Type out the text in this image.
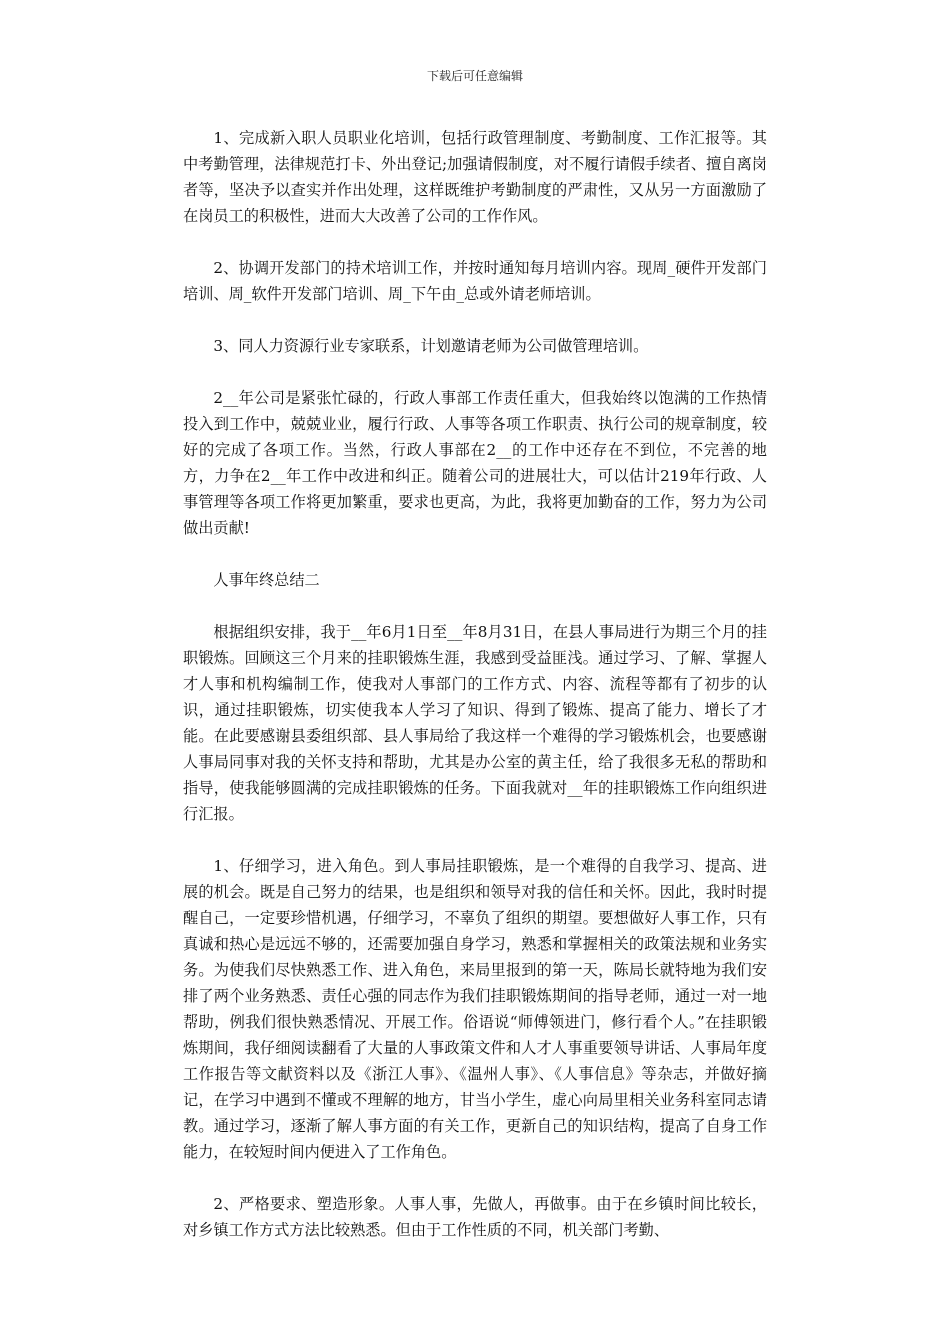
下载后可任意编辑

1、完成新入职人员职业化培训，包括行政管理制度、考勤制度、工作汇报等。其中考勤管理，法律规范打卡、外出登记;加强请假制度，对不履行请假手续者、擅自离岗者等，坚决予以查实并作出处理，这样既维护考勤制度的严肃性，又从另一方面激励了在岗员工的积极性，进而大大改善了公司的工作作风。

2、协调开发部门的持术培训工作，并按时通知每月培训内容。现周_硬件开发部门培训、周_软件开发部门培训、周_下午由_总或外请老师培训。

3、同人力资源行业专家联系，计划邀请老师为公司做管理培训。

2__年公司是紧张忙碌的，行政人事部工作责任重大，但我始终以饱满的工作热情投入到工作中，兢兢业业，履行行政、人事等各项工作职责、执行公司的规章制度，较好的完成了各项工作。当然，行政人事部在2__的工作中还存在不到位，不完善的地方，力争在2__年工作中改进和纠正。随着公司的进展壮大，可以估计219年行政、人事管理等各项工作将更加繁重，要求也更高，为此，我将更加勤奋的工作，努力为公司做出贡献!

人事年终总结二

根据组织安排，我于__年6月1日至__年8月31日，在县人事局进行为期三个月的挂职锻炼。回顾这三个月来的挂职锻炼生涯，我感到受益匪浅。通过学习、了解、掌握人才人事和机构编制工作，使我对人事部门的工作方式、内容、流程等都有了初步的认识，通过挂职锻炼，切实使我本人学习了知识、得到了锻炼、提高了能力、增长了才能。在此要感谢县委组织部、县人事局给了我这样一个难得的学习锻炼机会，也要感谢人事局同事对我的关怀支持和帮助，尤其是办公室的黄主任，给了我很多无私的帮助和指导，使我能够圆满的完成挂职锻炼的任务。下面我就对__年的挂职锻炼工作向组织进行汇报。

1、仔细学习，进入角色。到人事局挂职锻炼，是一个难得的自我学习、提高、进展的机会。既是自己努力的结果，也是组织和领导对我的信任和关怀。因此，我时时提醒自己，一定要珍惜机遇，仔细学习，不辜负了组织的期望。要想做好人事工作，只有真诚和热心是远远不够的，还需要加强自身学习，熟悉和掌握相关的政策法规和业务实务。为使我们尽快熟悉工作、进入角色，来局里报到的第一天，陈局长就特地为我们安排了两个业务熟悉、责任心强的同志作为我们挂职锻炼期间的指导老师，通过一对一地帮助，例我们很快熟悉情况、开展工作。俗语说“师傅领进门，修行看个人。”在挂职锻炼期间，我仔细阅读翻看了大量的人事政策文件和人才人事重要领导讲话、人事局年度工作报告等文献资料以及《浙江人事》、《温州人事》、《人事信息》等杂志，并做好摘记，在学习中遇到不懂或不理解的地方，甘当小学生，虚心向局里相关业务科室同志请教。通过学习，逐渐了解人事方面的有关工作，更新自己的知识结构，提高了自身工作能力，在较短时间内便进入了工作角色。

2、严格要求、塑造形象。人事人事，先做人，再做事。由于在乡镇时间比较长，对乡镇工作方式方法比较熟悉。但由于工作性质的不同，机关部门考勤、
